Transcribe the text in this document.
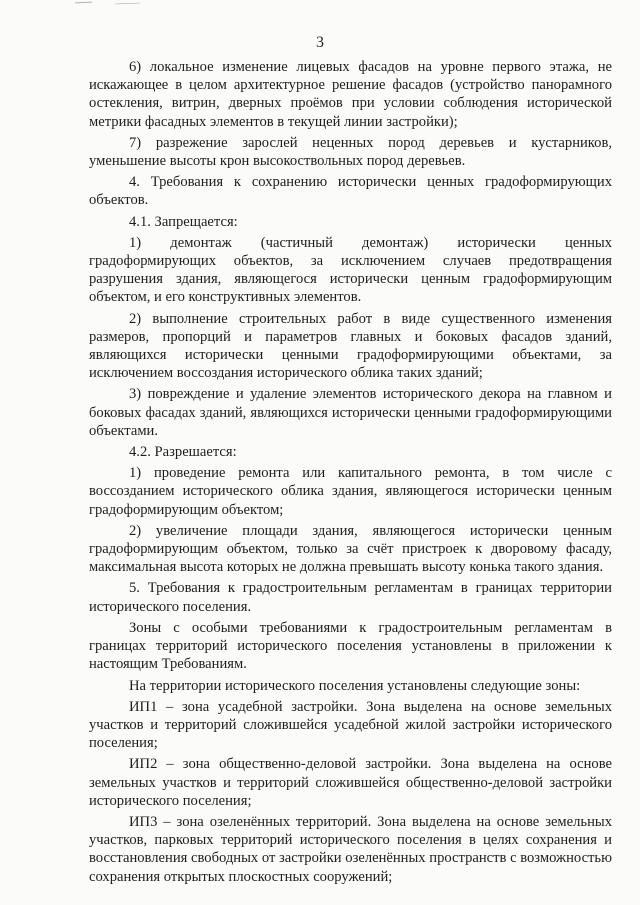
3

6) локальное изменение лицевых фасадов на уровне первого этажа, не искажающее в целом архитектурное решение фасадов (устройство панорамного остекления, витрин, дверных проёмов при условии соблюдения исторической метрики фасадных элементов в текущей линии застройки);

7) разрежение зарослей неценных пород деревьев и кустарников, уменьшение высоты крон высокоствольных пород деревьев.

4. Требования к сохранению исторически ценных градоформирующих объектов.

4.1. Запрещается:

1) демонтаж (частичный демонтаж) исторически ценных градоформирующих объектов, за исключением случаев предотвращения разрушения здания, являющегося исторически ценным градоформирующим объектом, и его конструктивных элементов.

2) выполнение строительных работ в виде существенного изменения размеров, пропорций и параметров главных и боковых фасадов зданий, являющихся исторически ценными градоформирующими объектами, за исключением воссоздания исторического облика таких зданий;

3) повреждение и удаление элементов исторического декора на главном и боковых фасадах зданий, являющихся исторически ценными градоформирующими объектами.

4.2. Разрешается:

1) проведение ремонта или капитального ремонта, в том числе с воссозданием исторического облика здания, являющегося исторически ценным градоформирующим объектом;

2) увеличение площади здания, являющегося исторически ценным градоформирующим объектом, только за счёт пристроек к дворовому фасаду, максимальная высота которых не должна превышать высоту конька такого здания.

5. Требования к градостроительным регламентам в границах территории исторического поселения.

Зоны с особыми требованиями к градостроительным регламентам в границах территорий исторического поселения установлены в приложении к настоящим Требованиям.

На территории исторического поселения установлены следующие зоны:

ИП1 – зона усадебной застройки. Зона выделена на основе земельных участков и территорий сложившейся усадебной жилой застройки исторического поселения;

ИП2 – зона общественно-деловой застройки. Зона выделена на основе земельных участков и территорий сложившейся общественно-деловой застройки исторического поселения;

ИП3 – зона озеленённых территорий. Зона выделена на основе земельных участков, парковых территорий исторического поселения в целях сохранения и восстановления свободных от застройки озеленённых пространств с возможностью сохранения открытых плоскостных сооружений;
